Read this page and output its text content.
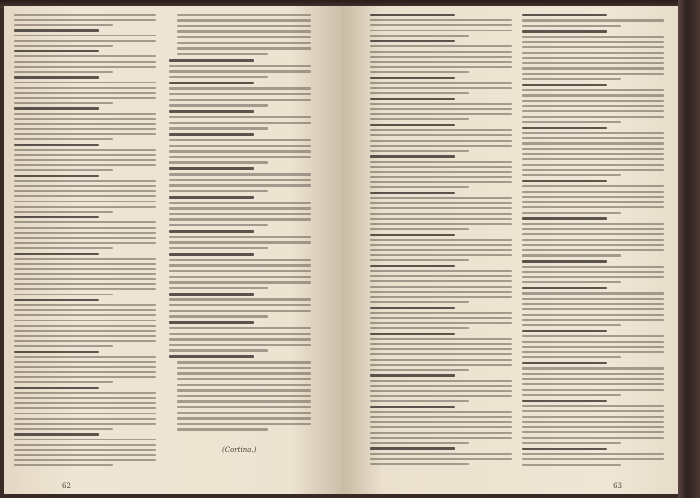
(Cortina.)
62	63
